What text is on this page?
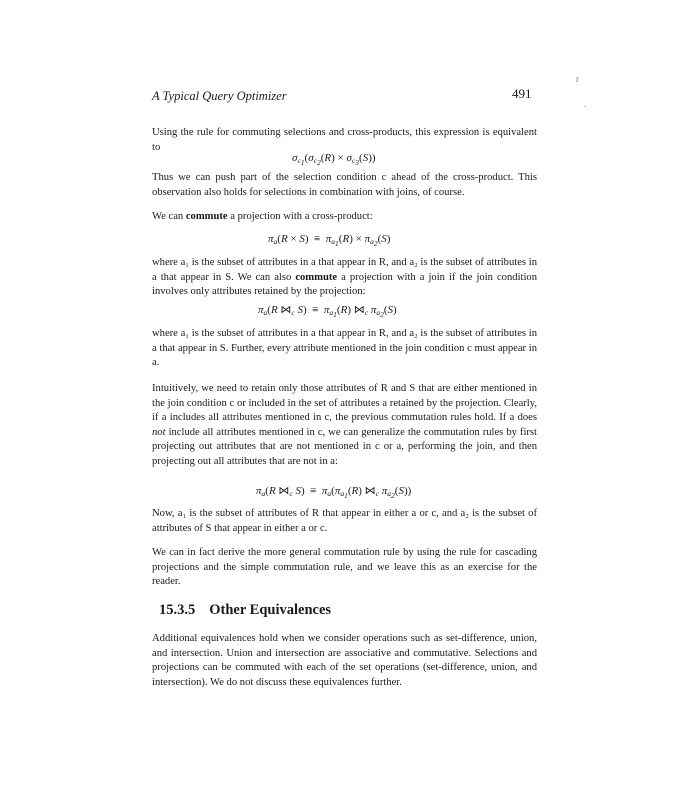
A Typical Query Optimizer	491
r
.
Using the rule for commuting selections and cross-products, this expression is equivalent to
$\sigma_{c_1}(\sigma_{c_2}(R) \times \sigma_{c_3}(S))$
Thus we can push part of the selection condition c ahead of the cross-product. This observation also holds for selections in combination with joins, of course.
We can commute a projection with a cross-product:
$\pi_a(R \times S) \equiv \pi_{a_1}(R) \times \pi_{a_2}(S)$
where a₁ is the subset of attributes in a that appear in R, and a₂ is the subset of attributes in a that appear in S. We can also commute a projection with a join if the join condition involves only attributes retained by the projection:
$\pi_a(R$ $⋈_c$ $S) \equiv \pi_{a_1}(R)$ $⋈_c$ $\pi_{a_2}(S)$
where a₁ is the subset of attributes in a that appear in R, and a₂ is the subset of attributes in a that appear in S. Further, every attribute mentioned in the join condition c must appear in a.
Intuitively, we need to retain only those attributes of R and S that are either mentioned in the join condition c or included in the set of attributes a retained by the projection. Clearly, if a includes all attributes mentioned in c, the previous commutation rules hold. If a does not include all attributes mentioned in c, we can generalize the commutation rules by first projecting out attributes that are not mentioned in c or a, performing the join, and then projecting out all attributes that are not in a:
$\pi_a(R$ $⋈_c$ $S) \equiv \pi_a(\pi_{a_1}(R)$ $⋈_c$ $\pi_{a_2}(S)$)
Now, a₁ is the subset of attributes of R that appear in either a or c, and a₂ is the subset of attributes of S that appear in either a or c.
We can in fact derive the more general commutation rule by using the rule for cascading projections and the simple commutation rule, and we leave this as an exercise for the reader.
15.3.5 Other Equivalences
Additional equivalences hold when we consider operations such as set-difference, union, and intersection. Union and intersection are associative and commutative. Selections and projections can be commuted with each of the set operations (set-difference, union, and intersection). We do not discuss these equivalences further.
